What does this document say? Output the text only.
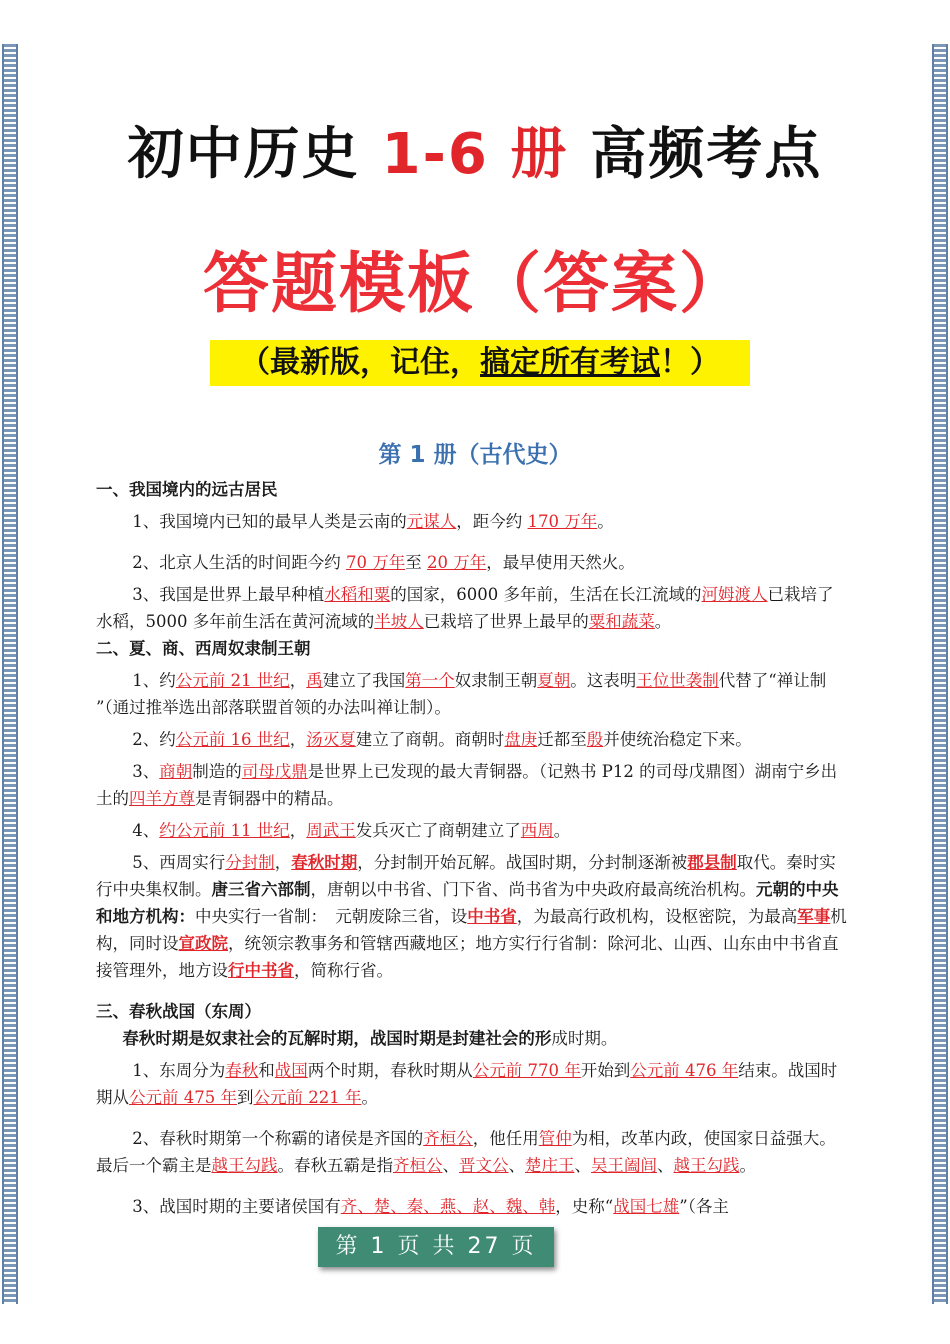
初中历史 1-6 册 高频考点
答题模板（答案）
（最新版，记住，搞定所有考试！）
第 1 册（古代史）

一、我国境内的远古居民

1、我国境内已知的最早人类是云南的元谋人，距今约 170 万年。

2、北京人生活的时间距今约 70 万年至 20 万年，最早使用天然火。

3、我国是世界上最早种植水稻和粟的国家，6000 多年前，生活在长江流域的河姆渡人已栽培了水稻，5000 多年前生活在黄河流域的半坡人已栽培了世界上最早的粟和蔬菜。

二、夏、商、西周奴隶制王朝

1、约公元前 21 世纪，禹建立了我国第一个奴隶制王朝夏朝。这表明王位世袭制代替了“禅让制 ”（通过推举选出部落联盟首领的办法叫禅让制）。

2、约公元前 16 世纪，汤灭夏建立了商朝。商朝时盘庚迁都至殷并使统治稳定下来。

3、商朝制造的司母戊鼎是世界上已发现的最大青铜器。（记熟书 P12 的司母戊鼎图）湖南宁乡出土的四羊方尊是青铜器中的精品。

4、约公元前 11 世纪，周武王发兵灭亡了商朝建立了西周。

5、西周实行分封制，春秋时期，分封制开始瓦解。战国时期，分封制逐渐被郡县制取代。秦时实行中央集权制。唐三省六部制，唐朝以中书省、门下省、尚书省为中央政府最高统治机构。元朝的中央和地方机构：中央实行一省制：　元朝废除三省，设中书省，为最高行政机构，设枢密院，为最高军事机构，同时设宣政院，统领宗教事务和管辖西藏地区；地方实行行省制：除河北、山西、山东由中书省直接管理外，地方设行中书省，简称行省。

三、春秋战国（东周）

春秋时期是奴隶社会的瓦解时期，战国时期是封建社会的形成时期。

1、东周分为春秋和战国两个时期，春秋时期从公元前 770 年开始到公元前 476 年结束。战国时期从公元前 475 年到公元前 221 年。

2、春秋时期第一个称霸的诸侯是齐国的齐桓公，他任用管仲为相，改革内政，使国家日益强大。最后一个霸主是越王勾践。春秋五霸是指齐桓公、晋文公、楚庄王、吴王阖闾、越王勾践。

3、战国时期的主要诸侯国有齐、楚、秦、燕、赵、魏、韩，史称“战国七雄”（各主

第 1 页 共 27 页
